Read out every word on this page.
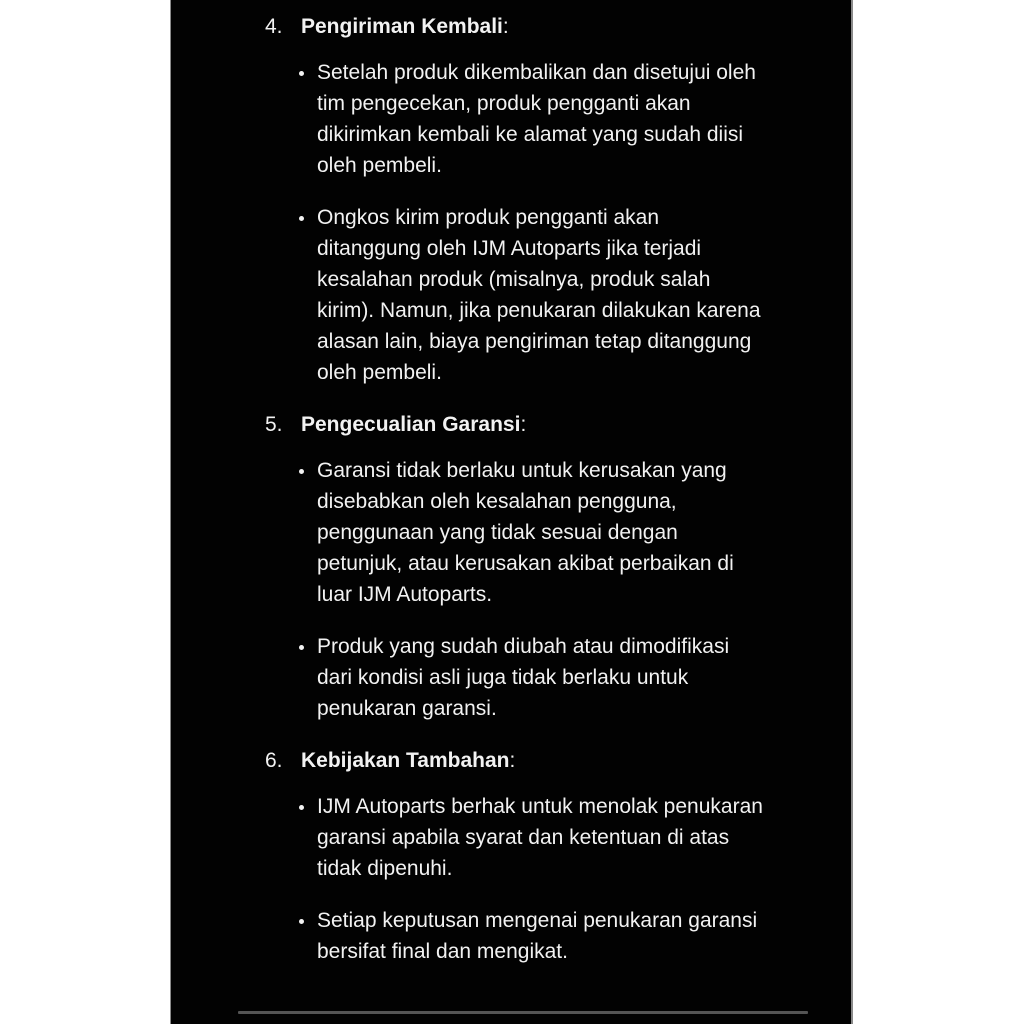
4. Pengiriman Kembali:
Setelah produk dikembalikan dan disetujui oleh tim pengecekan, produk pengganti akan dikirimkan kembali ke alamat yang sudah diisi oleh pembeli.
Ongkos kirim produk pengganti akan ditanggung oleh IJM Autoparts jika terjadi kesalahan produk (misalnya, produk salah kirim). Namun, jika penukaran dilakukan karena alasan lain, biaya pengiriman tetap ditanggung oleh pembeli.
5. Pengecualian Garansi:
Garansi tidak berlaku untuk kerusakan yang disebabkan oleh kesalahan pengguna, penggunaan yang tidak sesuai dengan petunjuk, atau kerusakan akibat perbaikan di luar IJM Autoparts.
Produk yang sudah diubah atau dimodifikasi dari kondisi asli juga tidak berlaku untuk penukaran garansi.
6. Kebijakan Tambahan:
IJM Autoparts berhak untuk menolak penukaran garansi apabila syarat dan ketentuan di atas tidak dipenuhi.
Setiap keputusan mengenai penukaran garansi bersifat final dan mengikat.
